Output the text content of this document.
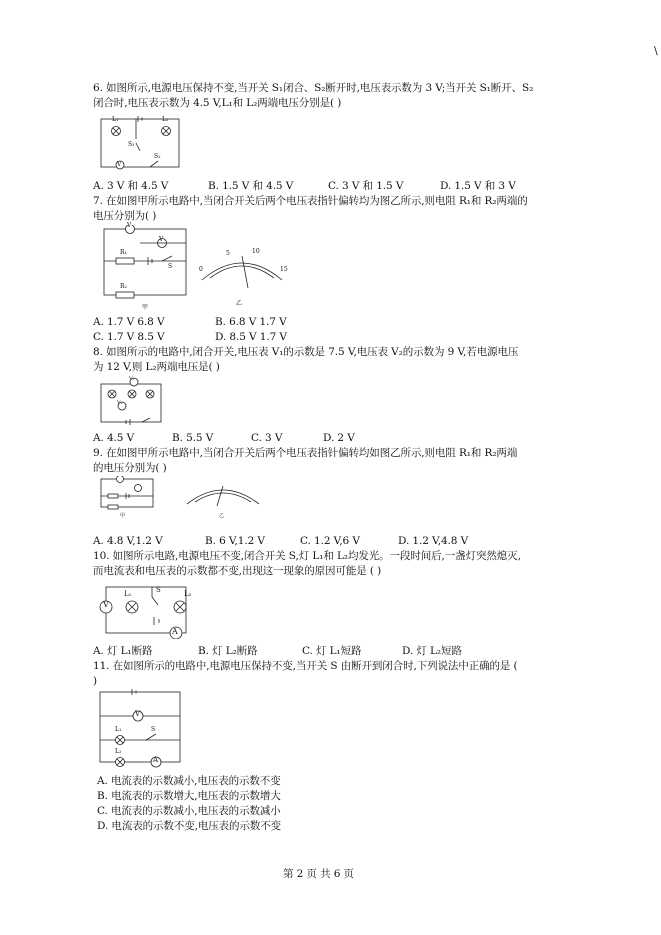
\
6. 如图所示,电源电压保持不变,当开关 S₁闭合、S₂断开时,电压表示数为 3 V;当开关 S₁断开、S₂
闭合时,电压表示数为 4.5 V,L₁和 L₂两端电压分别是( )
L₁	L₂
S₁
S₂
V
A. 3 V 和 4.5 V	B. 1.5 V 和 4.5 V	C. 3 V 和 1.5 V	D. 1.5 V 和 3 V
7. 在如图甲所示电路中,当闭合开关后两个电压表指针偏转均为图乙所示,则电阻 R₁和 R₂两端的
电压分别为( )
V
V
R₁
R₂
S
甲
0
5	10
15
乙
A. 1.7 V 6.8 V	B. 6.8 V 1.7 V
C. 1.7 V 8.5 V	D. 8.5 V 1.7 V
8. 如图所示的电路中,闭合开关,电压表 V₁的示数是 7.5 V,电压表 V₂的示数为 9 V,若电源电压
为 12 V,则 L₂两端电压是( )
V₁
V₂
A. 4.5 V	B. 5.5 V	C. 3 V	D. 2 V
9. 在如图甲所示电路中,当闭合开关后两个电压表指针偏转均如图乙所示,则电阻 R₁和 R₂两端
的电压分别为( )
甲	乙
A. 4.8 V,1.2 V	B. 6 V,1.2 V	C. 1.2 V,6 V	D. 1.2 V,4.8 V
10. 如图所示电路,电源电压不变,闭合开关 S,灯 L₁和 L₂均发光。一段时间后,一盏灯突然熄灭,
而电流表和电压表的示数都不变,出现这一现象的原因可能是 ( )
V
L₁	S	L₂
A
A. 灯 L₁断路	B. 灯 L₂断路	C. 灯 L₁短路	D. 灯 L₂短路
11. 在如图所示的电路中,电源电压保持不变,当开关 S 由断开到闭合时,下列说法中正确的是 (
)
V
L₁	S
L₂
A
A. 电流表的示数减小,电压表的示数不变
B. 电流表的示数增大,电压表的示数增大
C. 电流表的示数减小,电压表的示数减小
D. 电流表的示数不变,电压表的示数不变
第 2 页 共 6 页
